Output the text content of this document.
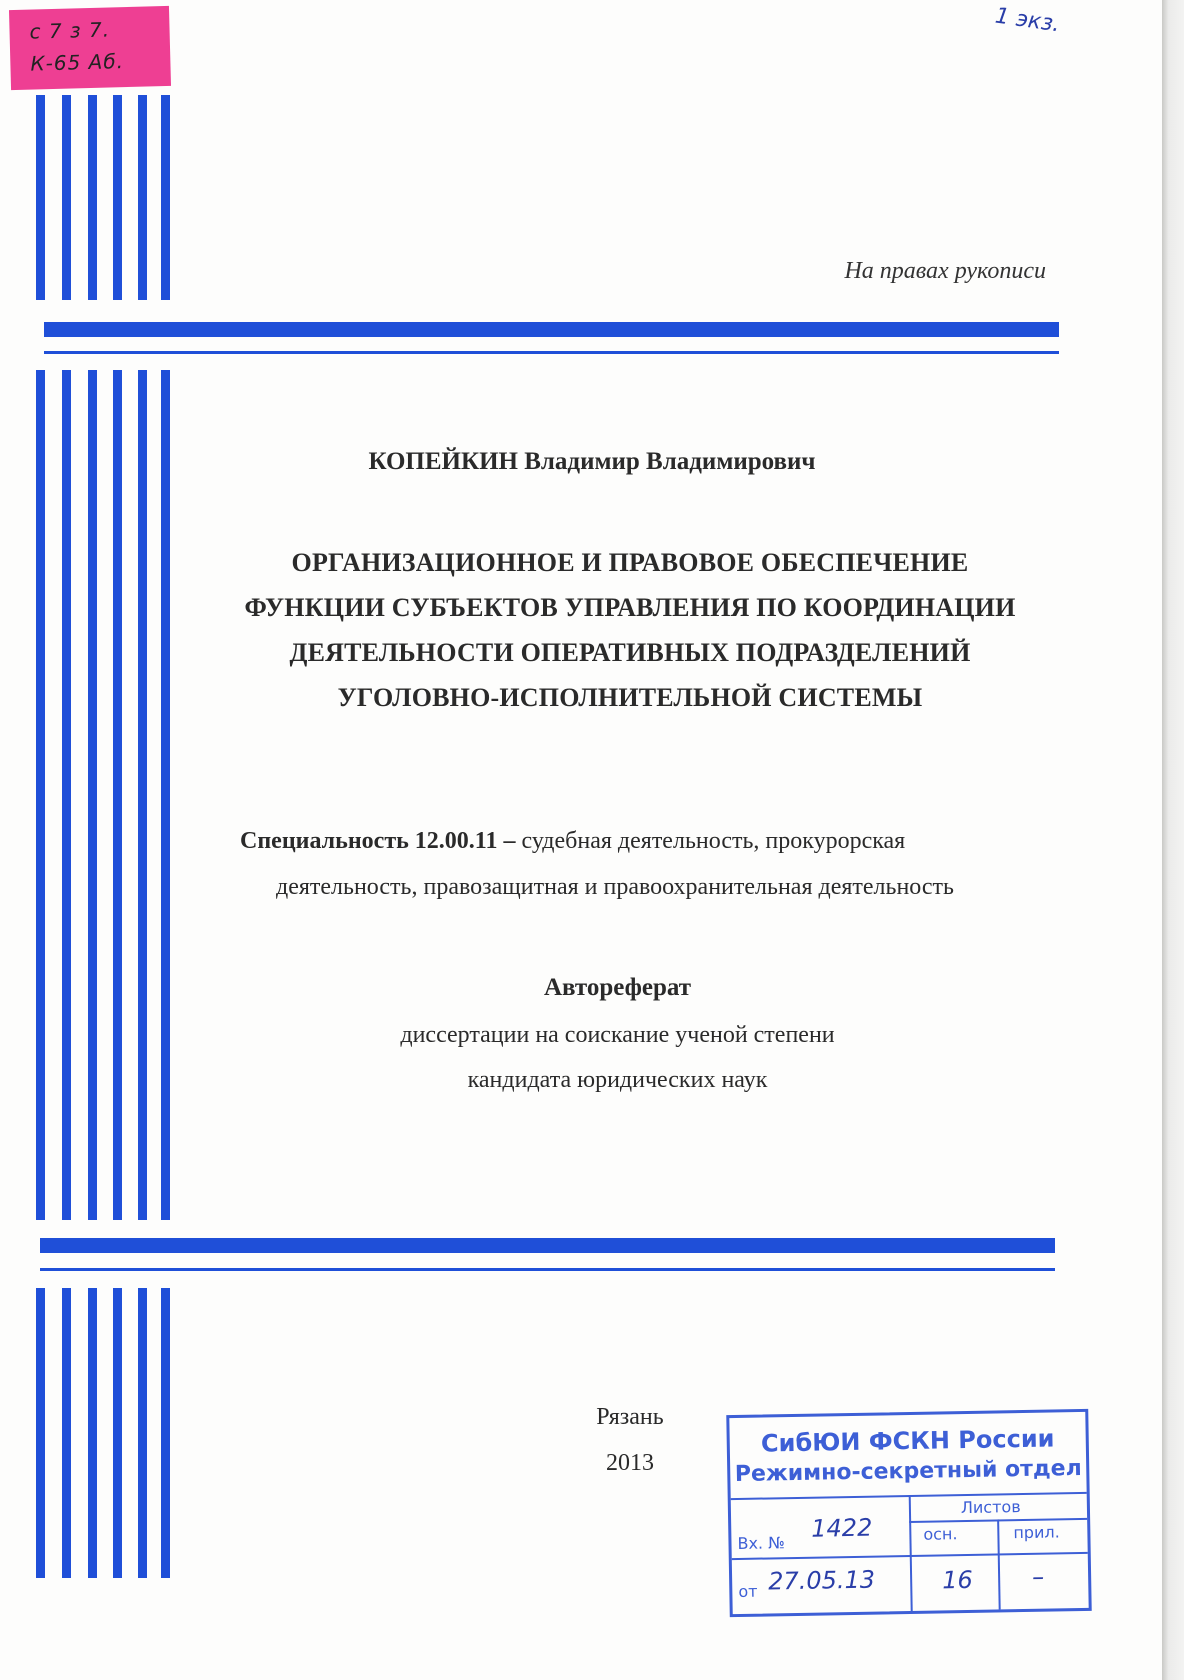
с 7 з 7.
К-65 Аб.
1 экз.
На правах рукописи
КОПЕЙКИН Владимир Владимирович
ОРГАНИЗАЦИОННОЕ И ПРАВОВОЕ ОБЕСПЕЧЕНИЕ
ФУНКЦИИ СУБЪЕКТОВ УПРАВЛЕНИЯ ПО КООРДИНАЦИИ
ДЕЯТЕЛЬНОСТИ ОПЕРАТИВНЫХ ПОДРАЗДЕЛЕНИЙ
УГОЛОВНО-ИСПОЛНИТЕЛЬНОЙ СИСТЕМЫ
Специальность 12.00.11 – судебная деятельность, прокурорская
деятельность, правозащитная и правоохранительная деятельность
Автореферат
диссертации на соискание ученой степени
кандидата юридических наук
Рязань
2013
СибЮИ ФСКН России
Режимно-секретный отдел
Листов
осн.	прил.
Вх. №
1422
от 27.05.13	16 –
